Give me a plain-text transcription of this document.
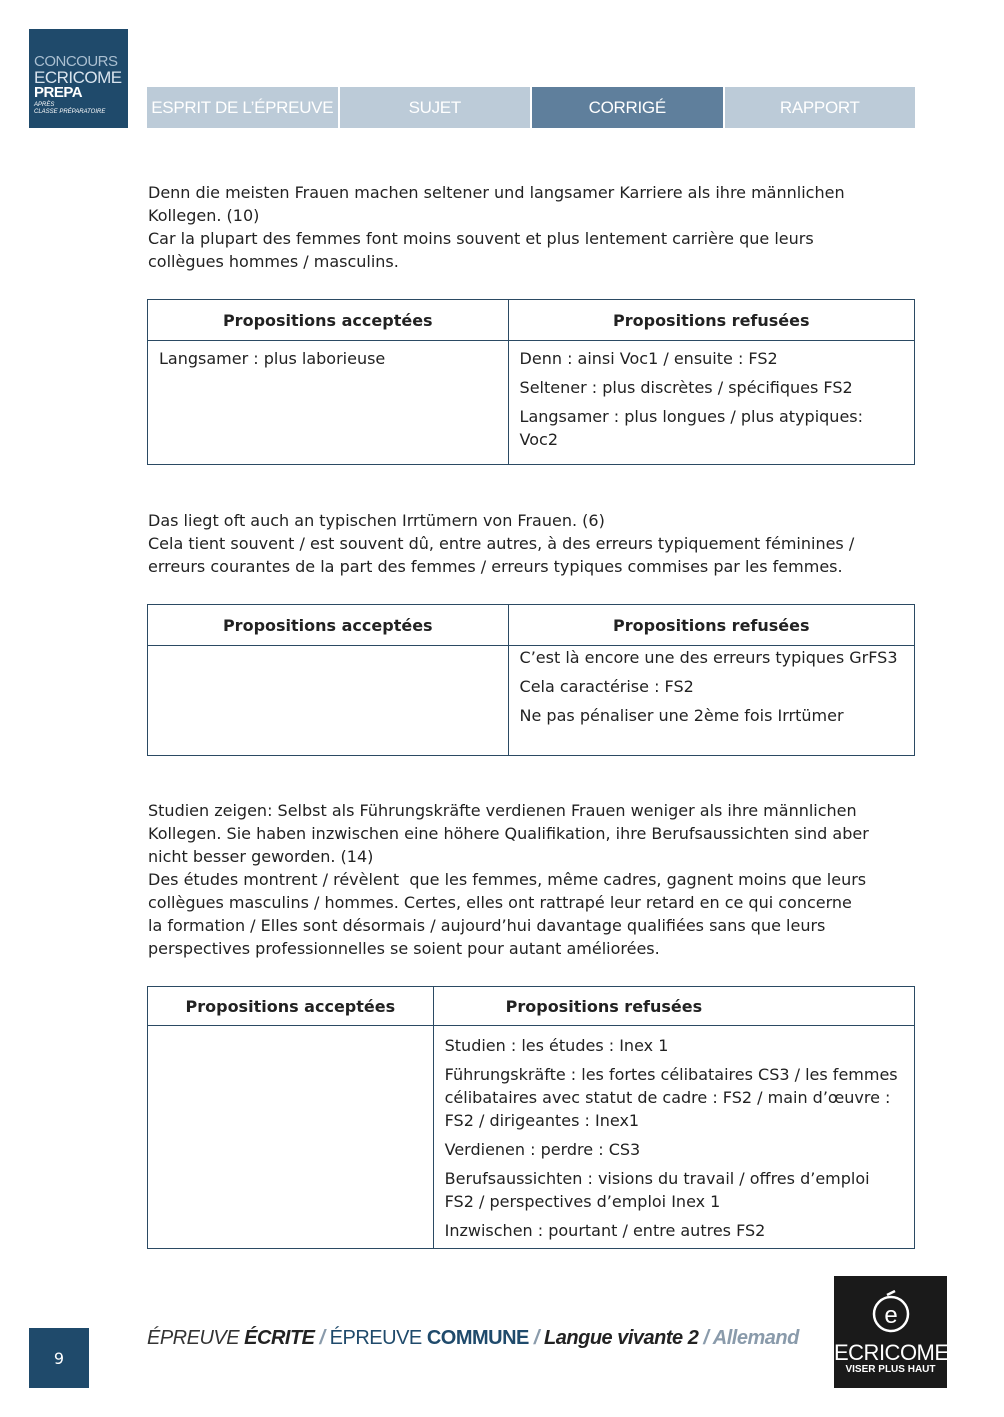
CONCOURS
ECRICOME
PREPA
APRÈS
CLASSE PRÉPARATOIRE	ESPRIT DE L’ÉPREUVE	SUJET	CORRIGÉ	RAPPORT
Denn die meisten Frauen machen seltener und langsamer Karriere als ihre männlichen
Kollegen. (10)
Car la plupart des femmes font moins souvent et plus lentement carrière que leurs
collègues hommes / masculins.
Propositions acceptées	Propositions refusées

Langsamer : plus laborieuse	Denn : ainsi Voc1 / ensuite : FS2

Seltener : plus discrètes / spécifiques FS2

Langsamer : plus longues / plus atypiques: Voc2

Das liegt oft auch an typischen Irrtümern von Frauen. (6)
Cela tient souvent / est souvent dû, entre autres, à des erreurs typiquement féminines /
erreurs courantes de la part des femmes / erreurs typiques commises par les femmes.
Propositions acceptées	Propositions refusées

	C’est là encore une des erreurs typiques GrFS3

Cela caractérise : FS2

Ne pas pénaliser une 2ème fois Irrtümer

Studien zeigen: Selbst als Führungskräfte verdienen Frauen weniger als ihre männlichen
Kollegen. Sie haben inzwischen eine höhere Qualifikation, ihre Berufsaussichten sind aber
nicht besser geworden. (14)
Des études montrent / révèlent  que les femmes, même cadres, gagnent moins que leurs
collègues masculins / hommes. Certes, elles ont rattrapé leur retard en ce qui concerne
la formation / Elles sont désormais / aujourd’hui davantage qualifiées sans que leurs
perspectives professionnelles se soient pour autant améliorées.
Propositions acceptées	Propositions refusées

	Studien : les études : Inex 1

Führungskräfte : les fortes célibataires CS3 / les femmes célibataires avec statut de cadre : FS2 / main d’œuvre : FS2 / dirigeantes : Inex1

Verdienen : perdre : CS3

Berufsaussichten : visions du travail / offres d’emploi FS2 / perspectives d’emploi Inex 1

Inzwischen : pourtant / entre autres FS2

9
ÉPREUVE ÉCRITE / ÉPREUVE COMMUNE / Langue vivante 2 / Allemand
e
ECRICOME
VISER PLUS HAUT
